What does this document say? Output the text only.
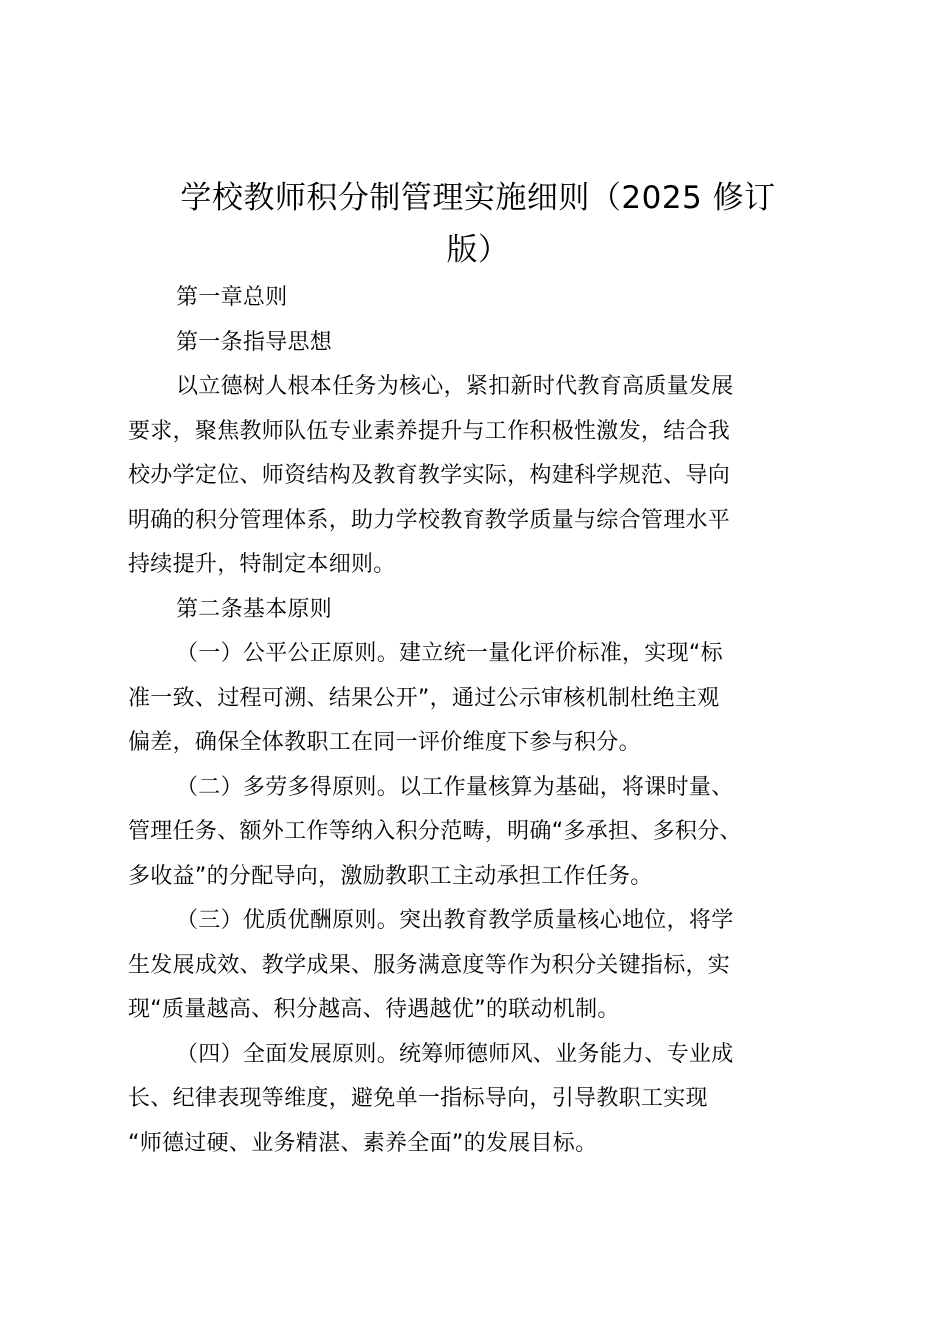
学校教师积分制管理实施细则（2025 修订
版）
第一章总则
第一条指导思想
以立德树人根本任务为核心，紧扣新时代教育高质量发展
要求，聚焦教师队伍专业素养提升与工作积极性激发，结合我
校办学定位、师资结构及教育教学实际，构建科学规范、导向
明确的积分管理体系，助力学校教育教学质量与综合管理水平
持续提升，特制定本细则。
第二条基本原则
（一）公平公正原则。建立统一量化评价标准，实现“标
准一致、过程可溯、结果公开”，通过公示审核机制杜绝主观
偏差，确保全体教职工在同一评价维度下参与积分。
（二）多劳多得原则。以工作量核算为基础，将课时量、
管理任务、额外工作等纳入积分范畴，明确“多承担、多积分、
多收益”的分配导向，激励教职工主动承担工作任务。
（三）优质优酬原则。突出教育教学质量核心地位，将学
生发展成效、教学成果、服务满意度等作为积分关键指标，实
现“质量越高、积分越高、待遇越优”的联动机制。
（四）全面发展原则。统筹师德师风、业务能力、专业成
长、纪律表现等维度，避免单一指标导向，引导教职工实现
“师德过硬、业务精湛、素养全面”的发展目标。
